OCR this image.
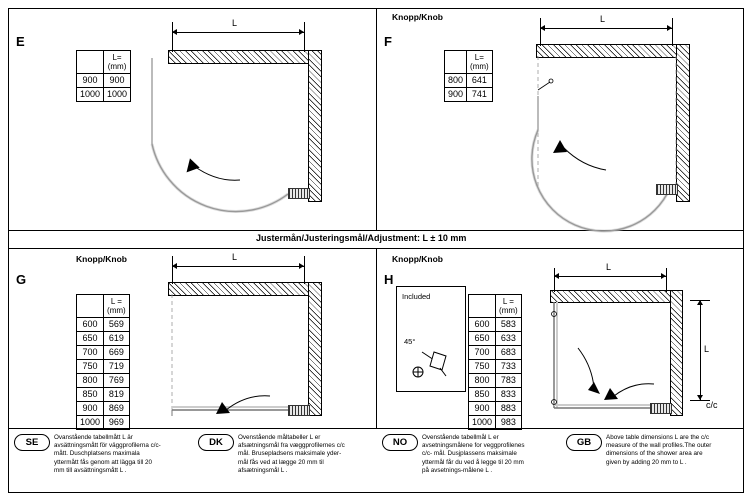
Justermån/Justeringsmål/Adjustment: L ± 10 mm
E
	L=
(mm)
900	900
1000	1000
L
F
Knopp/Knob
	L=
(mm)
800	641
900	741
L
G
Knopp/Knob
	L =
(mm)
600	569
650	619
700	669
750	719
800	769
850	819
900	869
1000	969
L
H
Knopp/Knob
Included
45°
	L =
(mm)
600	583
650	633
700	683
750	733
800	783
850	833
900	883
1000	983
L
L
c/c
SE	Ovanstående tabellmått L är avsättningsmått för väggprofilerna c/c-mått. Duschplatsens maximala yttermått fås genom att lägga till 20 mm till avsättningsmått L .
DK	Ovenstående måltabeller L er afsætningsmål fra væggprofilernes c/c mål. Brusepladsens maksimale yder- mål fås ved at lægge 20 mm til afsætningsmål L .
NO	Ovenstående tabellmål L er avsetningsmålene for veggprofilenes c/c- mål. Dusjplassens maksimale yttermål får du ved å legge til 20 mm på avsetnings-målene L .
GB	Above table dimensions L are the c/c measure of the wall profiles.The outer dimensions of the shower area are given by adding 20 mm to L .
